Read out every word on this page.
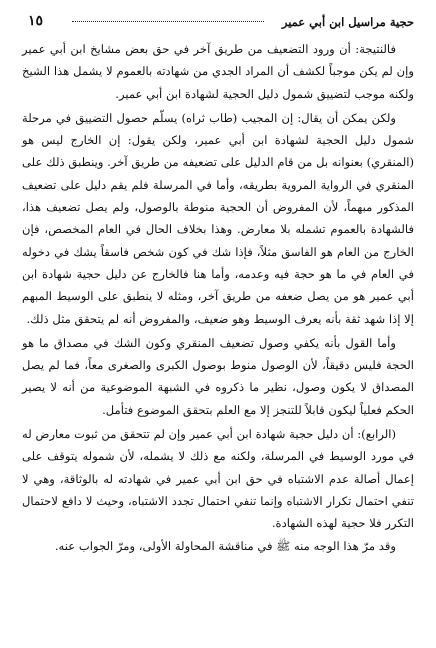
حجية مراسيل ابن أبي عمير
١٥

فالنتيجة: أن ورود التضعيف من طريق آخر في حق بعض مشايخ ابن أبي عمير وإن لم يكن موجباً لكشف أن المراد الجدي من شهادته بالعموم لا يشمل هذا الشيخ ولكنه موجب لتضييق شمول دليل الحجية لشهادة ابن أبي عمير.

ولكن يمكن أن يقال: إن المجيب (طاب ثراه) يسلّم حصول التضييق في مرحلة شمول دليل الحجية لشهادة ابن أبي عمير، ولكن يقول: إن الخارج ليس هو (المنقري) بعنوانه بل من قام الدليل على تضعيفه من طريق آخر. وينطبق ذلك على المنقري في الرواية المروية بطريقه، وأما في المرسلة فلم يقم دليل على تضعيف المذكور مبهماً، لأن المفروض أن الحجية منوطة بالوصول، ولم يصل تضعيف هذا، فالشهادة بالعموم تشمله بلا معارض. وهذا بخلاف الحال في العام المخصص، فإن الخارج من العام هو الفاسق مثلاً، فإذا شك في كون شخص فاسقاً يشك في دخوله في العام في ما هو حجة فيه وعدمه، وأما هنا فالخارج عن دليل حجية شهادة ابن أبي عمير هو من يصل ضعفه من طريق آخر، ومثله لا ينطبق على الوسيط المبهم إلا إذا شهد ثقة بأنه يعرف الوسيط وهو ضعيف، والمفروض أنه لم يتحقق مثل ذلك.

وأما القول بأنه يكفي وصول تضعيف المنقري وكون الشك في مصداق ما هو الحجة فليس دقيقاً، لأن الوصول منوط بوصول الكبرى والصغرى معاً، فما لم يصل المصداق لا يكون وصول، نظير ما ذكروه في الشبهة الموضوعية من أنه لا يصير الحكم فعلياً ليكون قابلاً للتنجز إلا مع العلم بتحقق الموضوع فتأمل.

(الرابع): أن دليل حجية شهادة ابن أبي عمير وإن لم تتحقق من ثبوت معارض له في مورد الوسيط في المرسلة، ولكنه مع ذلك لا يشمله، لأن شموله يتوقف على إعمال أصالة عدم الاشتباه في حق ابن أبي عمير في شهادته له بالوثاقة، وهي لا تنفي احتمال تكرار الاشتباه وإنما تنفي احتمال تجدد الاشتباه، وحيث لا دافع لاحتمال التكرر فلا حجية لهذه الشهادة.

وقد مرّ هذا الوجه منه ﷺ في مناقشة المحاولة الأولى، ومرّ الجواب عنه.
